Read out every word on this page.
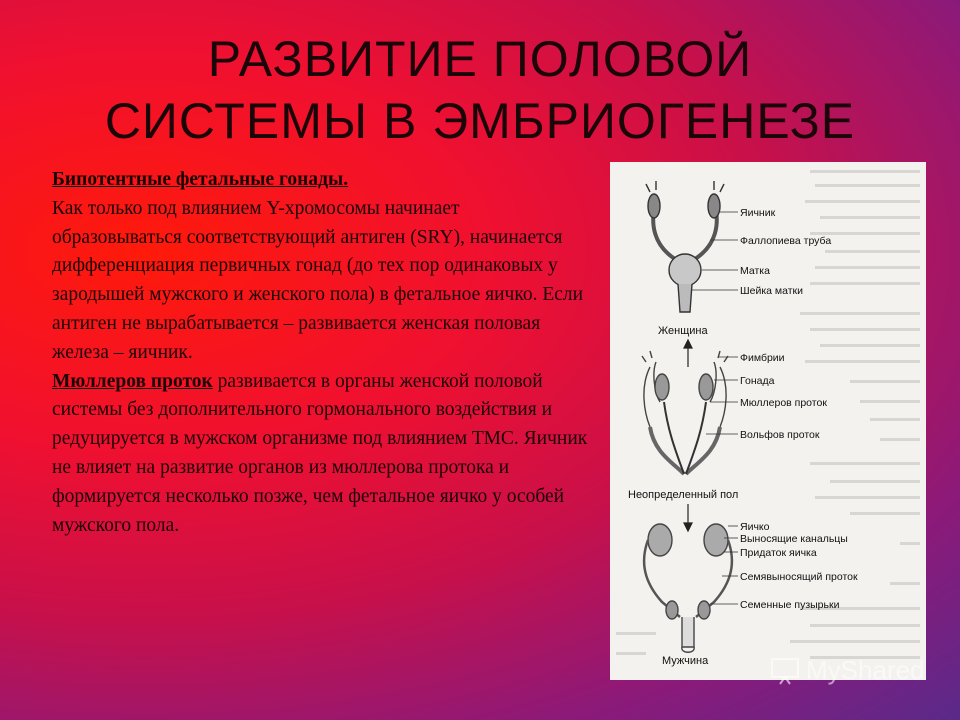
РАЗВИТИЕ ПОЛОВОЙ
СИСТЕМЫ В ЭМБРИОГЕНЕЗЕ
Бипотентные фетальные гонады.
Как только под влиянием Y-хромосомы начинает образовываться соответствующий антиген (SRY), начинается дифференциация первичных гонад (до тех пор одинаковых у зародышей мужского и женского пола) в фетальное яичко. Если антиген не вырабатывается – развивается женская половая железа – яичник.
Мюллеров проток развивается в органы женской половой системы без дополнительного гормонального воздействия и редуцируется в мужском организме под влиянием ТМС. Яичник не влияет на развитие органов из мюллерова протока и формируется несколько позже, чем фетальное яичко у особей мужского пола.
Яичник
Фаллопиева труба
Матка
Шейка матки
Женщина
Фимбрии
Гонада
Мюллеров проток
Вольфов проток
Неопределенный пол
Яичко
Выносящие канальцы
Придаток яичка
Семявыносящий проток
Семенные пузырьки
Мужчина	MyShared
